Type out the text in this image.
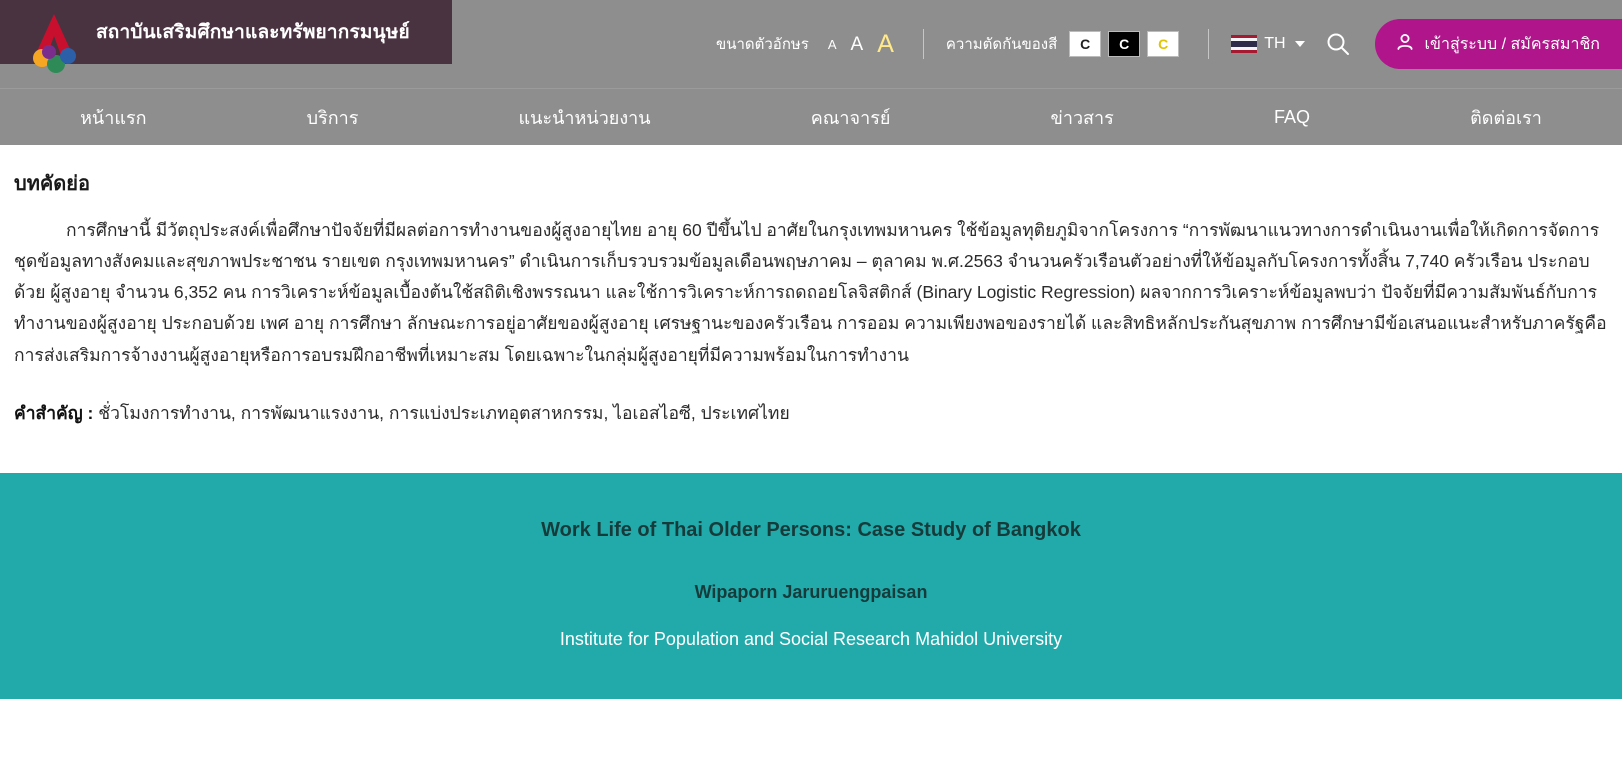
สถาบันเสริมศึกษาและทรัพยากรมนุษย์
ขนาดตัวอักษร A A A	ความตัดกันของสี	C	C	C	TH	เข้าสู่ระบบ / สมัครสมาชิก
หน้าแรก	บริการ	แนะนำหน่วยงาน	คณาจารย์	ข่าวสาร	FAQ	ติดต่อเรา
บทคัดย่อ

การศึกษานี้ มีวัตถุประสงค์เพื่อศึกษาปัจจัยที่มีผลต่อการทำงานของผู้สูงอายุไทย อายุ 60 ปีขึ้นไป อาศัยในกรุงเทพมหานคร ใช้ข้อมูลทุติยภูมิจากโครงการ “การพัฒนาแนวทางการดำเนินงานเพื่อให้เกิดการจัดการชุดข้อมูลทางสังคมและสุขภาพประชาชน รายเขต กรุงเทพมหานคร” ดำเนินการเก็บรวบรวมข้อมูลเดือนพฤษภาคม – ตุลาคม พ.ศ.2563 จำนวนครัวเรือนตัวอย่างที่ให้ข้อมูลกับโครงการทั้งสิ้น 7,740 ครัวเรือน ประกอบด้วย ผู้สูงอายุ จำนวน 6,352 คน การวิเคราะห์ข้อมูลเบื้องต้นใช้สถิติเชิงพรรณนา และใช้การวิเคราะห์การถดถอยโลจิสติกส์ (Binary Logistic Regression) ผลจากการวิเคราะห์ข้อมูลพบว่า ปัจจัยที่มีความสัมพันธ์กับการทำงานของผู้สูงอายุ ประกอบด้วย เพศ อายุ การศึกษา ลักษณะการอยู่อาศัยของผู้สูงอายุ เศรษฐานะของครัวเรือน การออม ความเพียงพอของรายได้ และสิทธิหลักประกันสุขภาพ การศึกษามีข้อเสนอแนะสำหรับภาครัฐคือการส่งเสริมการจ้างงานผู้สูงอายุหรือการอบรมฝึกอาชีพที่เหมาะสม โดยเฉพาะในกลุ่มผู้สูงอายุที่มีความพร้อมในการทำงาน

คำสำคัญ : ชั่วโมงการทำงาน, การพัฒนาแรงงาน, การแบ่งประเภทอุตสาหกรรม, ไอเอสไอซี, ประเทศไทย

Work Life of Thai Older Persons: Case Study of Bangkok
Wipaporn Jaruruengpaisan
Institute for Population and Social Research Mahidol University
